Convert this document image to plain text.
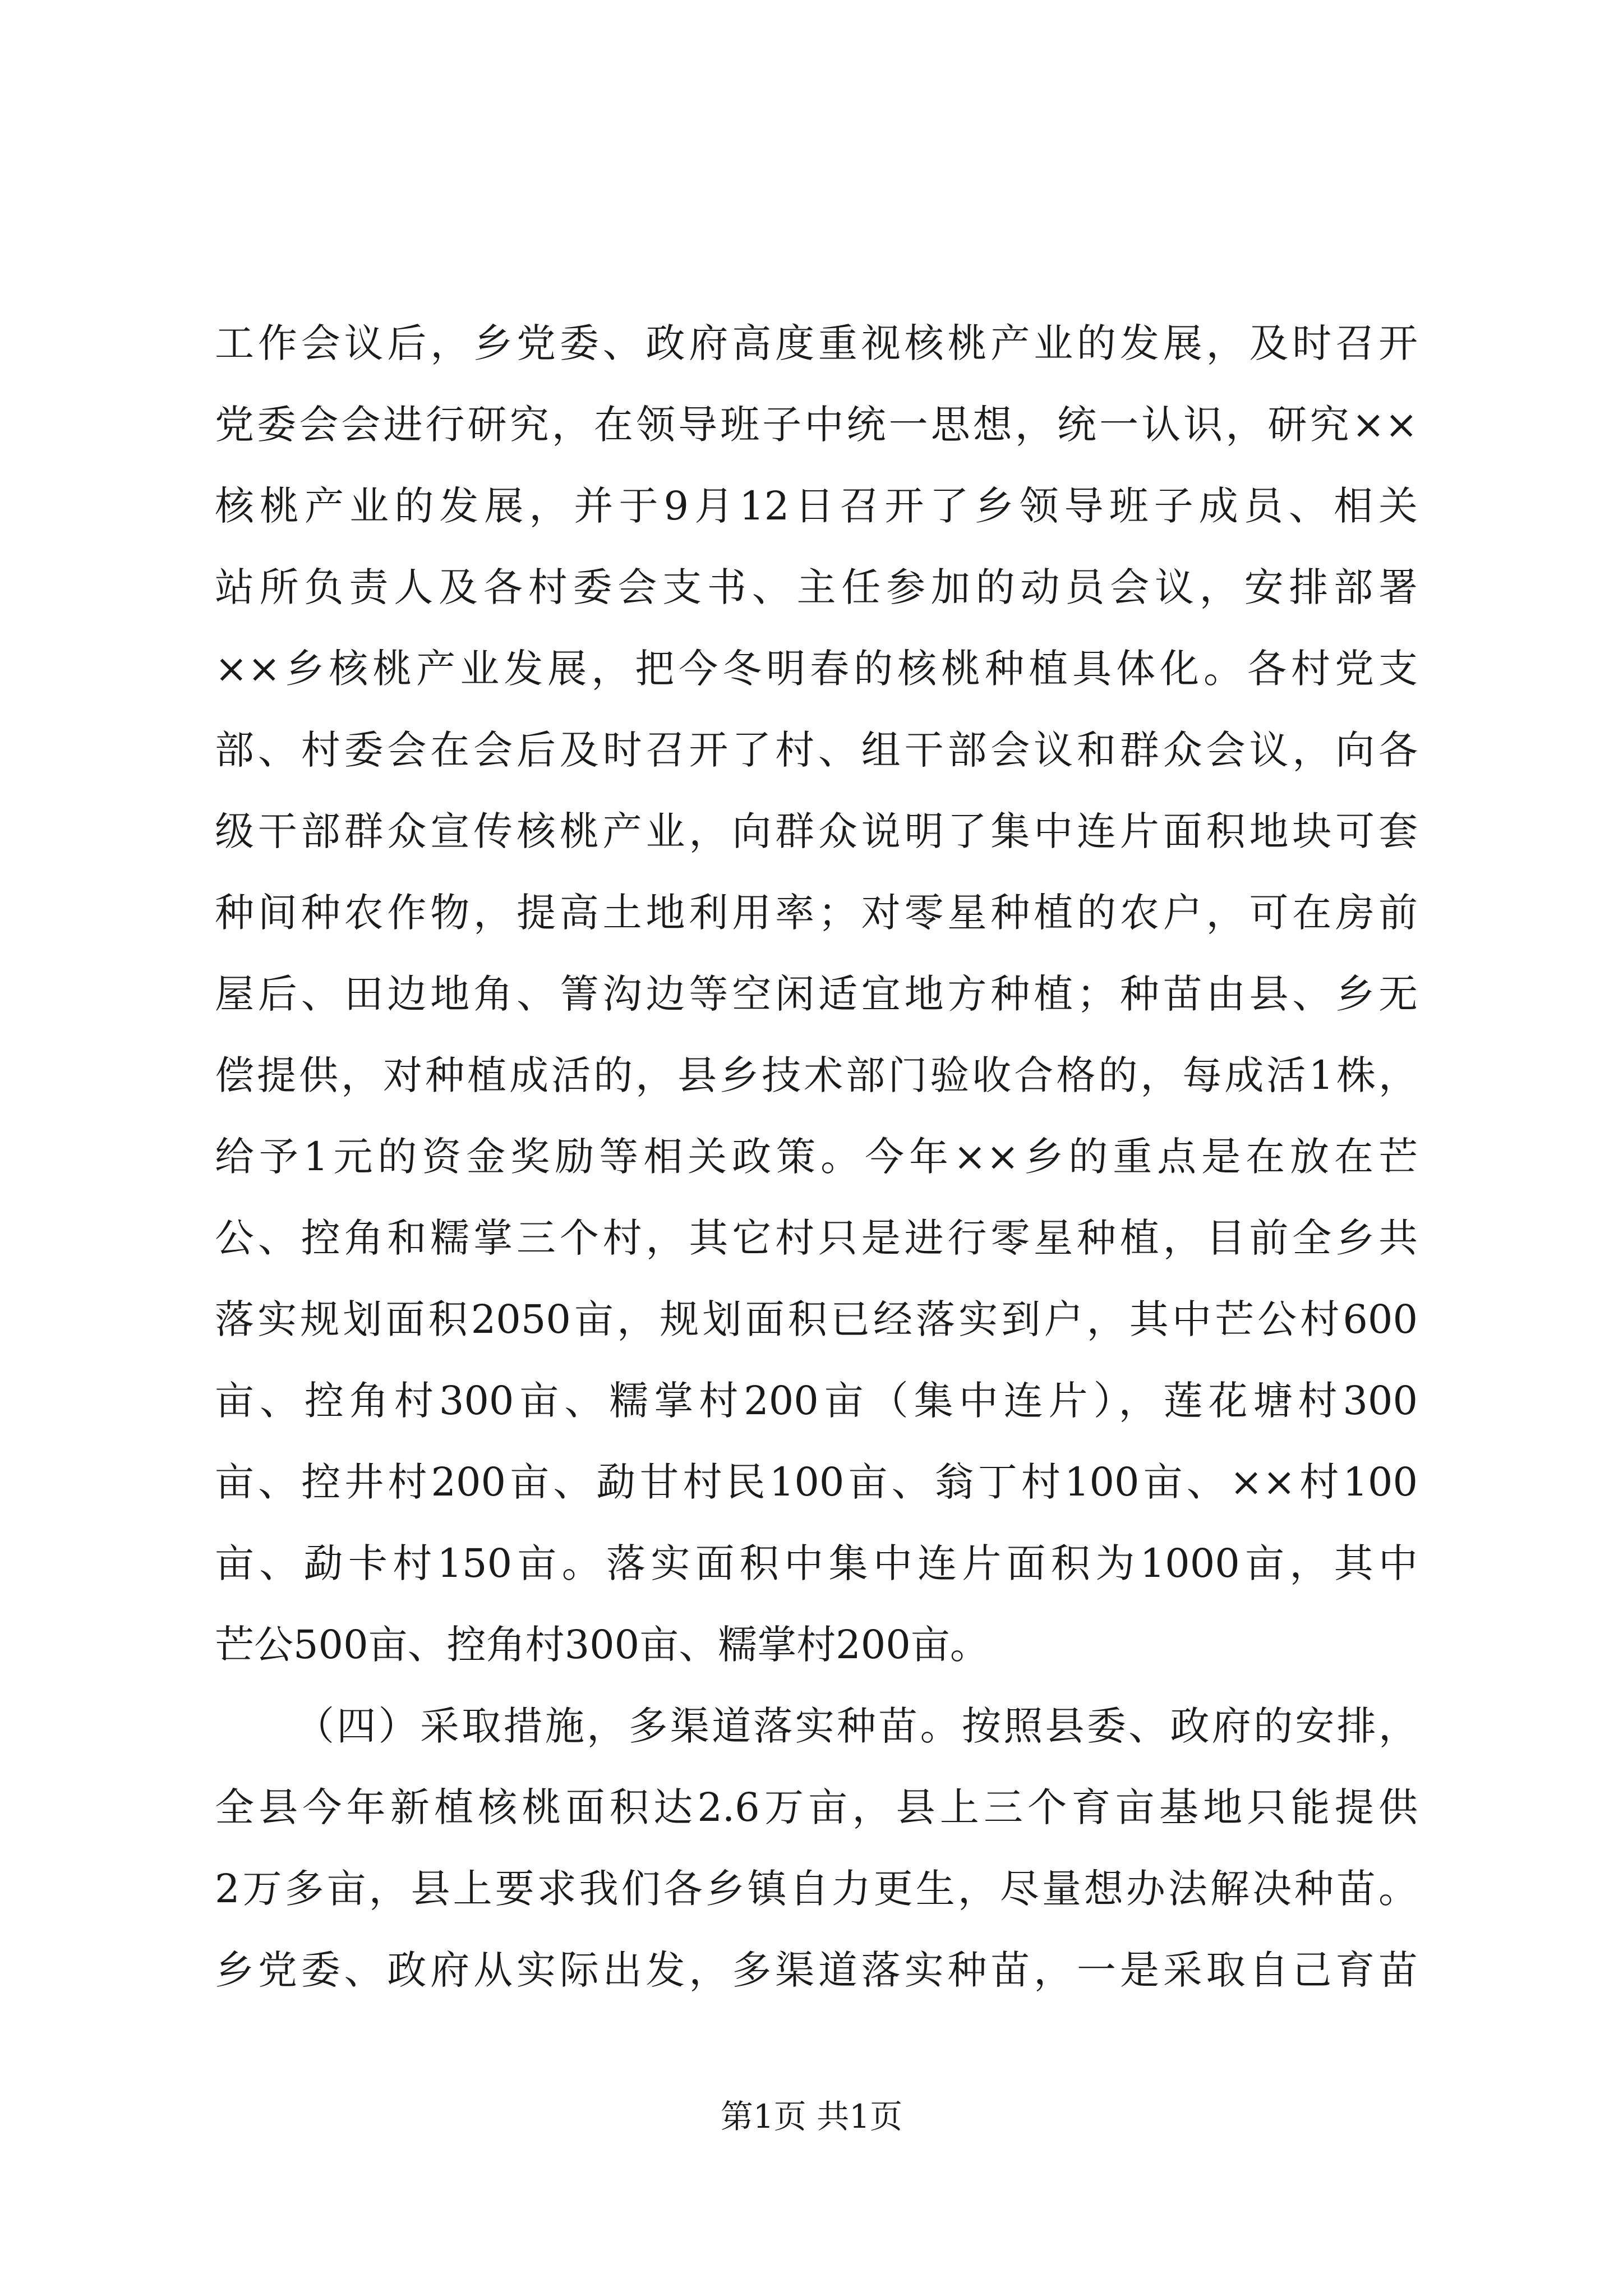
工作会议后，乡党委、政府高度重视核桃产业的发展，及时召开
党委会会进行研究，在领导班子中统一思想，统一认识，研究××
核桃产业的发展，并于9月12日召开了乡领导班子成员、相关
站所负责人及各村委会支书、主任参加的动员会议，安排部署
××乡核桃产业发展，把今冬明春的核桃种植具体化。各村党支
部、村委会在会后及时召开了村、组干部会议和群众会议，向各
级干部群众宣传核桃产业，向群众说明了集中连片面积地块可套
种间种农作物，提高土地利用率；对零星种植的农户，可在房前
屋后、田边地角、箐沟边等空闲适宜地方种植；种苗由县、乡无
偿提供，对种植成活的，县乡技术部门验收合格的，每成活1株，
给予1元的资金奖励等相关政策。今年××乡的重点是在放在芒
公、控角和糯掌三个村，其它村只是进行零星种植，目前全乡共
落实规划面积2050亩，规划面积已经落实到户，其中芒公村600
亩、控角村300亩、糯掌村200亩（集中连片），莲花塘村300
亩、控井村200亩、勐甘村民100亩、翁丁村100亩、××村100
亩、勐卡村150亩。落实面积中集中连片面积为1000亩，其中
芒公500亩、控角村300亩、糯掌村200亩。
（四）采取措施，多渠道落实种苗。按照县委、政府的安排，
全县今年新植核桃面积达2.6万亩，县上三个育亩基地只能提供
2万多亩，县上要求我们各乡镇自力更生，尽量想办法解决种苗。
乡党委、政府从实际出发，多渠道落实种苗，一是采取自己育苗
第1页 共1页
